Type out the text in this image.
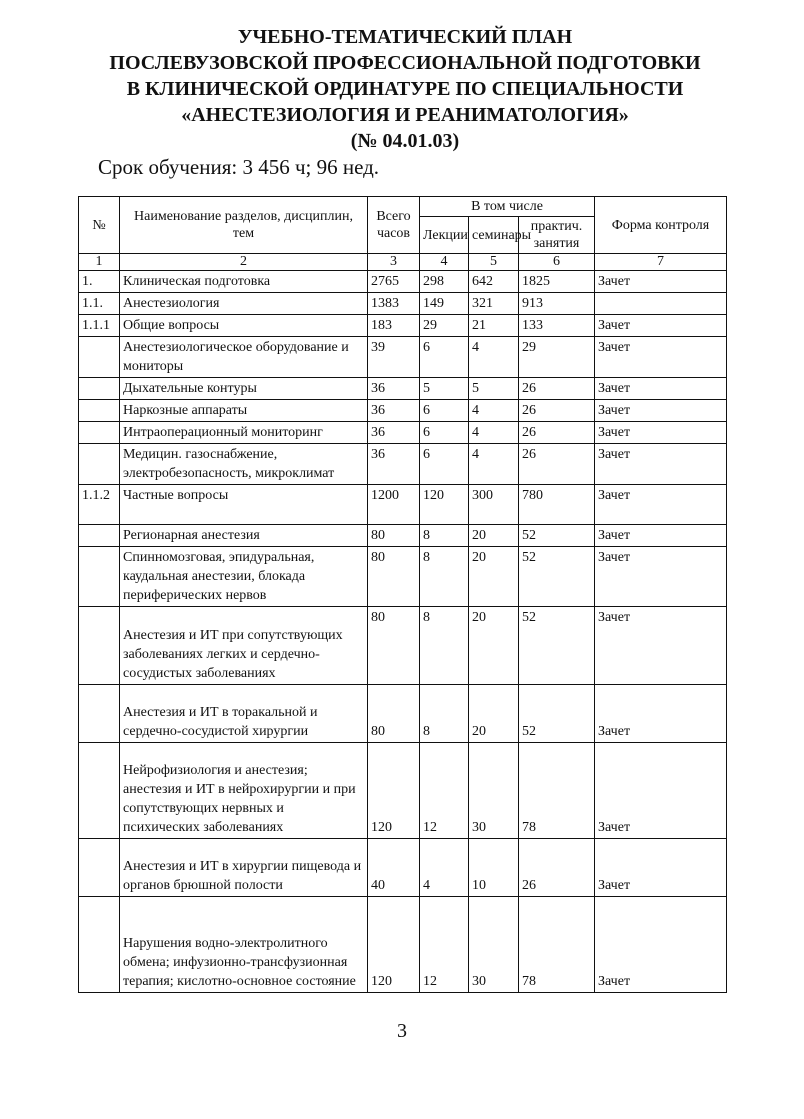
УЧЕБНО-ТЕМАТИЧЕСКИЙ ПЛАН
ПОСЛЕВУЗОВСКОЙ ПРОФЕССИОНАЛЬНОЙ ПОДГОТОВКИ
В КЛИНИЧЕСКОЙ ОРДИНАТУРЕ ПО СПЕЦИАЛЬНОСТИ
«АНЕСТЕЗИОЛОГИЯ И РЕАНИМАТОЛОГИЯ»
(№ 04.01.03)
Срок обучения: 3 456 ч; 96 нед.
№	Наименование разделов, дисциплин, тем	Всего часов	В том числе			Форма контроля
			Лекции	семинары	практич. занятия	
1	2	3	4	5	6	7
1.	Клиническая подготовка	2765	298	642	1825	Зачет
1.1.	Анестезиология	1383	149	321	913	
1.1.1	Общие вопросы	183	29	21	133	Зачет
	Анестезиологическое оборудование и мониторы	39	6	4	29	Зачет
	Дыхательные контуры	36	5	5	26	Зачет
	Наркозные аппараты	36	6	4	26	Зачет
	Интраоперационный мониторинг	36	6	4	26	Зачет
	Медицин. газоснабжение, электробезопасность, микроклимат	36	6	4	26	Зачет
1.1.2	Частные вопросы	1200	120	300	780	Зачет
	Регионарная анестезия	80	8	20	52	Зачет
	Спинномозговая, эпидуральная, каудальная анестезии, блокада периферических нервов	80	8	20	52	Зачет
	Анестезия и ИТ при сопутствующих заболеваниях легких и сердечно-сосудистых заболеваниях	80	8	20	52	Зачет
	Анестезия и ИТ в торакальной и сердечно-сосудистой хирургии	80	8	20	52	Зачет
	Нейрофизиология и анестезия; анестезия и ИТ в нейрохирургии и при сопутствующих нервных и психических заболеваниях	120	12	30	78	Зачет
	Анестезия и ИТ в хирургии пищевода и органов брюшной полости	40	4	10	26	Зачет
	Нарушения водно-электролитного обмена; инфузионно-трансфузионная терапия; кислотно-основное состояние	120	12	30	78	Зачет
3
